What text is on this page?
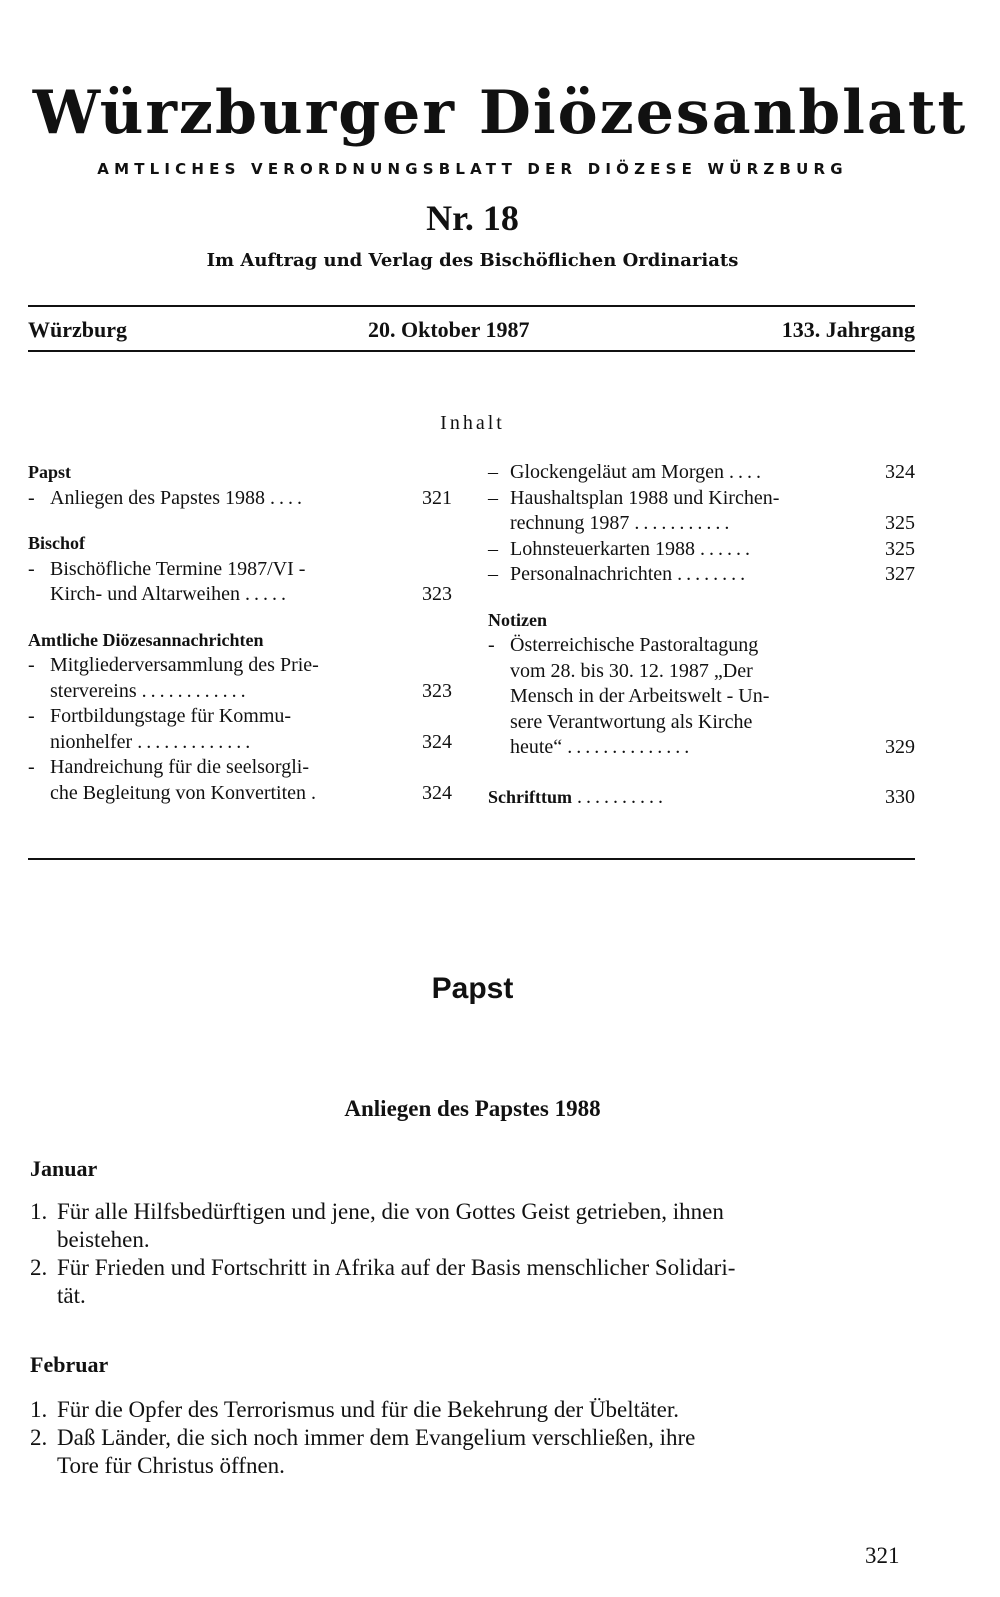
Würzburger Diözesanblatt
AMTLICHES VERORDNUNGSBLATT DER DIÖZESE WÜRZBURG
Nr. 18
Im Auftrag und Verlag des Bischöflichen Ordinariats
Würzburg	20. Oktober 1987	133. Jahrgang
Inhalt
Papst
- Anliegen des Papstes 1988 ....	321
Bischof
- Bischöfliche Termine 1987/VI -
Kirch- und Altarweihen .....	323
Amtliche Diözesannachrichten
- Mitgliederversammlung des Prie-
stervereins ............	323
- Fortbildungstage für Kommu-
nionhelfer .............	324
- Handreichung für die seelsorgli-
che Begleitung von Konvertiten .	324
– Glockengeläut am Morgen ....	324
– Haushaltsplan 1988 und Kirchen-
rechnung 1987 ...........	325
– Lohnsteuerkarten 1988 ......	325
– Personalnachrichten ........	327
Notizen
- Österreichische Pastoraltagung
vom 28. bis 30. 12. 1987 „Der
Mensch in der Arbeitswelt - Un-
sere Verantwortung als Kirche
heute“ ..............	329
Schrifttum ..........	330
Papst
Anliegen des Papstes 1988
Januar
1. Für alle Hilfsbedürftigen und jene, die von Gottes Geist getrieben, ihnen
beistehen.
2. Für Frieden und Fortschritt in Afrika auf der Basis menschlicher Solidari-
tät.
Februar
1. Für die Opfer des Terrorismus und für die Bekehrung der Übeltäter.
2. Daß Länder, die sich noch immer dem Evangelium verschließen, ihre
Tore für Christus öffnen.
321
